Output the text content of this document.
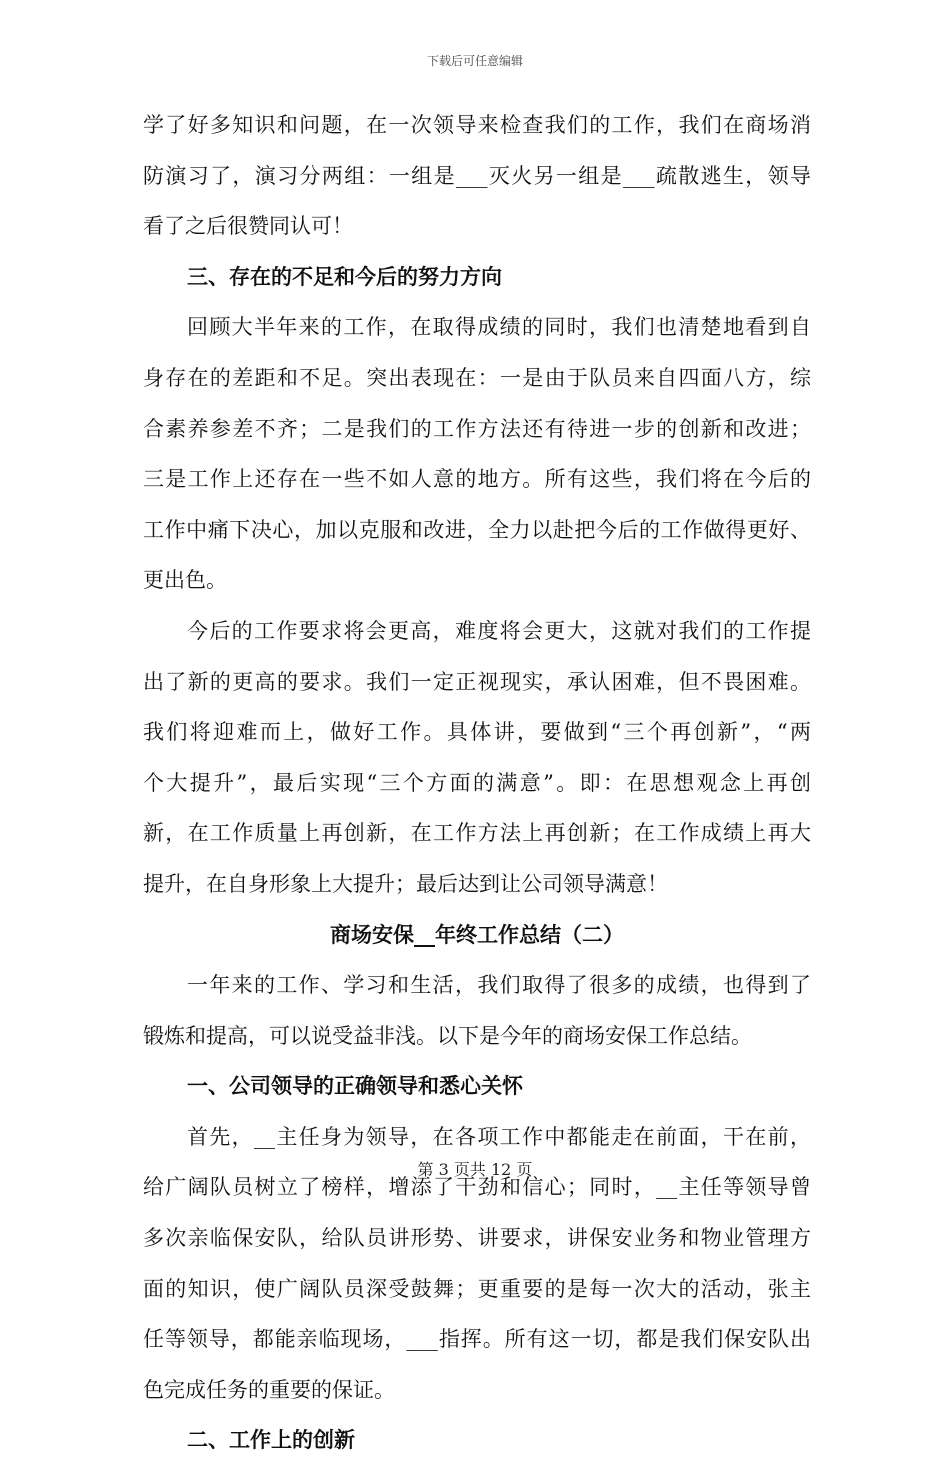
下载后可任意编辑
学了好多知识和问题，在一次领导来检查我们的工作，我们在商场消
防演习了，演习分两组：一组是___灭火另一组是___疏散逃生，领导
看了之后很赞同认可！
三、存在的不足和今后的努力方向
回顾大半年来的工作，在取得成绩的同时，我们也清楚地看到自
身存在的差距和不足。突出表现在：一是由于队员来自四面八方，综
合素养参差不齐；二是我们的工作方法还有待进一步的创新和改进；
三是工作上还存在一些不如人意的地方。所有这些，我们将在今后的
工作中痛下决心，加以克服和改进，全力以赴把今后的工作做得更好、
更出色。
今后的工作要求将会更高，难度将会更大，这就对我们的工作提
出了新的更高的要求。我们一定正视现实，承认困难，但不畏困难。
我们将迎难而上，做好工作。具体讲，要做到“三个再创新”，“两
个大提升”，最后实现“三个方面的满意”。即：在思想观念上再创
新，在工作质量上再创新，在工作方法上再创新；在工作成绩上再大
提升，在自身形象上大提升；最后达到让公司领导满意！
商场安保__年终工作总结（二）
一年来的工作、学习和生活，我们取得了很多的成绩，也得到了
锻炼和提高，可以说受益非浅。以下是今年的商场安保工作总结。
一、公司领导的正确领导和悉心关怀
首先，__主任身为领导，在各项工作中都能走在前面，干在前，
给广阔队员树立了榜样，增添了干劲和信心；同时，__主任等领导曾
多次亲临保安队，给队员讲形势、讲要求，讲保安业务和物业管理方
面的知识，使广阔队员深受鼓舞；更重要的是每一次大的活动，张主
任等领导，都能亲临现场，___指挥。所有这一切，都是我们保安队出
色完成任务的重要的保证。
二、工作上的创新
第 3 页共 12 页
